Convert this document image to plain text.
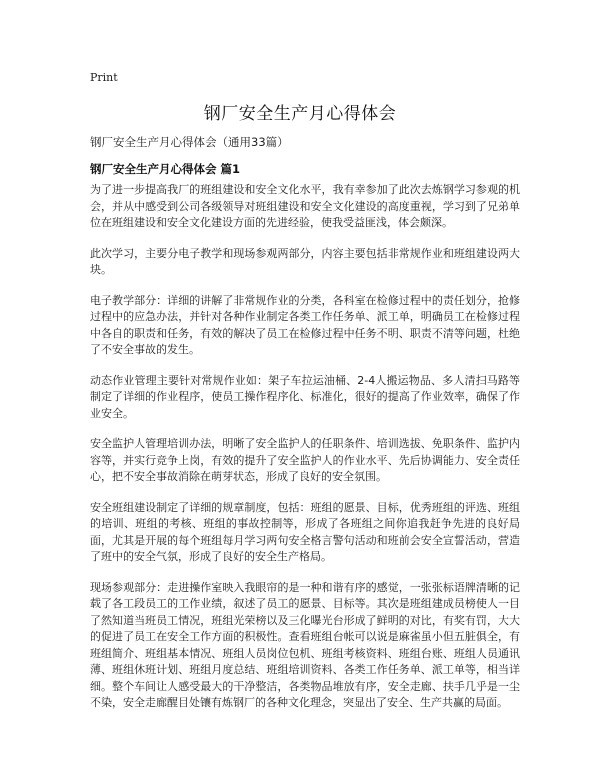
Print
钢厂安全生产月心得体会
钢厂安全生产月心得体会（通用33篇）
钢厂安全生产月心得体会 篇1

为了进一步提高我厂的班组建设和安全文化水平，我有幸参加了此次去炼钢学习参观的机会，并从中感受到公司各级领导对班组建设和安全文化建设的高度重视，学习到了兄弟单位在班组建设和安全文化建设方面的先进经验，使我受益匪浅，体会颇深。

此次学习，主要分电子教学和现场参观两部分，内容主要包括非常规作业和班组建设两大块。

电子教学部分：详细的讲解了非常规作业的分类，各科室在检修过程中的责任划分，抢修过程中的应急办法，并针对各种作业制定各类工作任务单、派工单，明确员工在检修过程中各自的职责和任务，有效的解决了员工在检修过程中任务不明、职责不清等问题，杜绝了不安全事故的发生。

动态作业管理主要针对常规作业如：架子车拉运油桶、2-4人搬运物品、多人清扫马路等制定了详细的作业程序，使员工操作程序化、标准化，很好的提高了作业效率，确保了作业安全。

安全监护人管理培训办法，明晰了安全监护人的任职条件、培训选拔、免职条件、监护内容等，并实行竞争上岗，有效的提升了安全监护人的作业水平、先后协调能力、安全责任心，把不安全事故消除在萌芽状态，形成了良好的安全氛围。

安全班组建设制定了详细的规章制度，包括：班组的愿景、目标，优秀班组的评选、班组的培训、班组的考核、班组的事故控制等，形成了各班组之间你追我赶争先进的良好局面，尤其是开展的每个班组每月学习两句安全格言警句活动和班前会安全宣誓活动，营造了班中的安全气氛，形成了良好的安全生产格局。

现场参观部分：走进操作室映入我眼帘的是一种和谐有序的感觉，一张张标语牌清晰的记载了各工段员工的工作业绩，叙述了员工的愿景、目标等。其次是班组建成员榜使人一目了然知道当班员工情况，班组光荣榜以及三化曝光台形成了鲜明的对比，有奖有罚，大大的促进了员工在安全工作方面的积极性。查看班组台帐可以说是麻雀虽小但五脏俱全，有班组简介、班组基本情况、班组人员岗位包机、班组考核资料、班组台账、班组人员通讯薄、班组休班计划、班组月度总结、班组培训资料、各类工作任务单、派工单等，相当详细。整个车间让人感受最大的干净整洁，各类物品堆放有序，安全走廊、扶手几乎是一尘不染，安全走廊醒目处镶有炼钢厂的各种文化理念，突显出了安全、生产共赢的局面。
